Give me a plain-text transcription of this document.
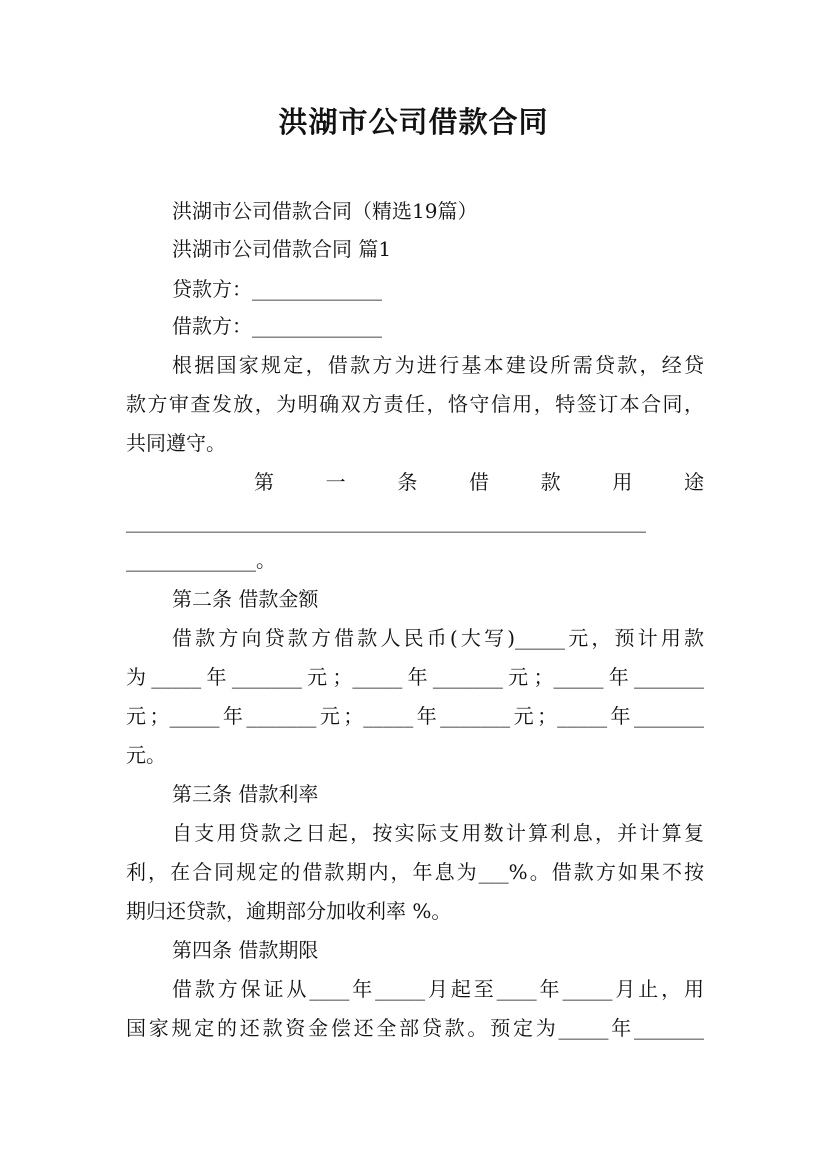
洪湖市公司借款合同
洪湖市公司借款合同（精选19篇）
洪湖市公司借款合同 篇1
贷款方：_____________
借款方：_____________
根据国家规定，借款方为进行基本建设所需贷款，经贷
款方审查发放，为明确双方责任，恪守信用，特签订本合同，
共同遵守。
第 一 条 借 款 用 途
____________________________________________________
_____________。
第二条 借款金额
借款方向贷款方借款人民币(大写)_____元，预计用款
为_____年_______元；_____年_______元；_____年_______
元；_____年_______元；_____年_______元；_____年_______
元。
第三条 借款利率
自支用贷款之日起，按实际支用数计算利息，并计算复
利，在合同规定的借款期内，年息为___%。借款方如果不按
期归还贷款，逾期部分加收利率 %。
第四条 借款期限
借款方保证从____年_____月起至____年_____月止，用
国家规定的还款资金偿还全部贷款。预定为_____年_______
